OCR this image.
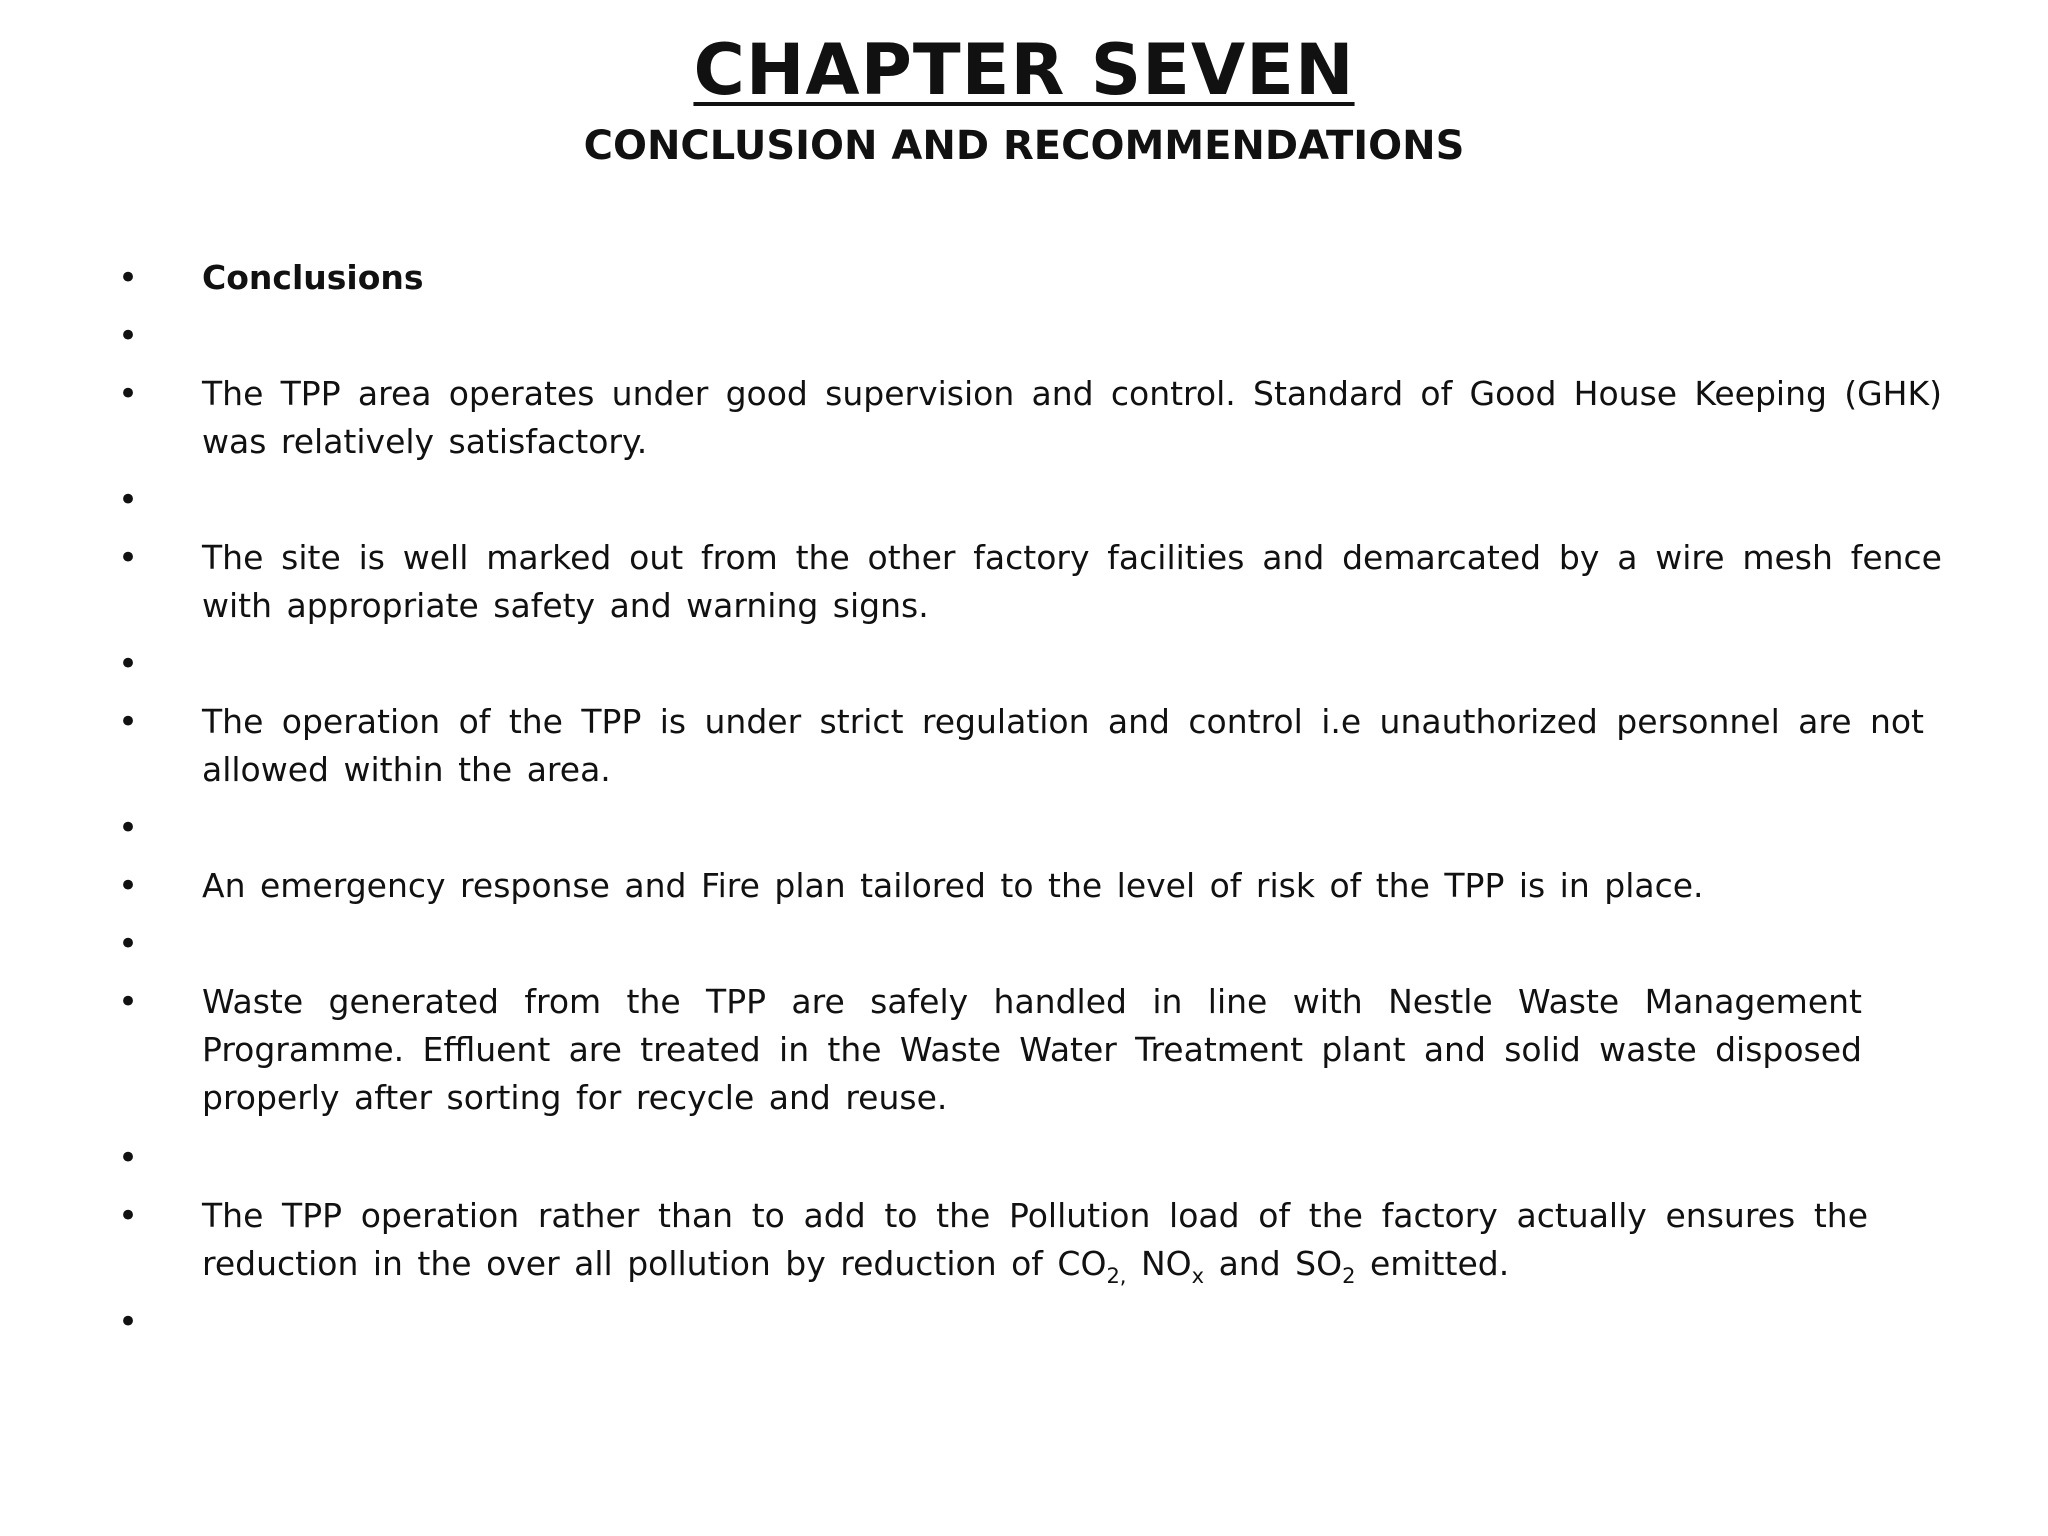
CHAPTER SEVEN
CONCLUSION AND RECOMMENDATIONS
•
•
•
•
•
•
•
•
•
•
•
•
•
•
Conclusions
The TPP area operates under good supervision and control. Standard of Good House Keeping (GHK) was relatively satisfactory.
The site is well marked out from the other factory facilities and demarcated by a wire mesh fence with appropriate safety and warning signs.
The operation of the TPP is under strict regulation and control i.e unauthorized personnel are not allowed within the area.
An emergency response and Fire plan tailored to the level of risk of the TPP is in place.
Waste generated from the TPP are safely handled in line with Nestle Waste Management Programme. Effluent are treated in the Waste Water Treatment plant and solid waste disposed properly after sorting for recycle and reuse.
The TPP operation rather than to add to the Pollution load of the factory actually ensures the reduction in the over all pollution by reduction of $CO_{2,}$ $NO_x$ and $SO_2$ emitted.
